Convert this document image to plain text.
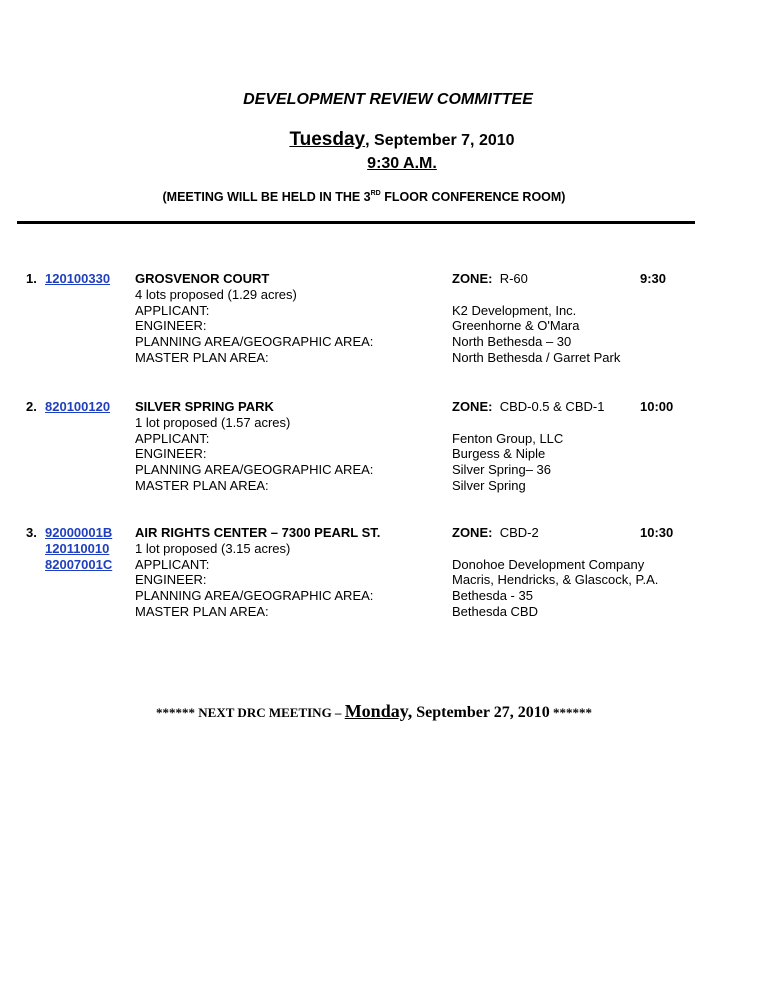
DEVELOPMENT REVIEW COMMITTEE
Tuesday, September 7, 2010
9:30 A.M.
(MEETING WILL BE HELD IN THE 3RD FLOOR CONFERENCE ROOM)
1. 120100330 GROSVENOR COURT
4 lots proposed (1.29 acres)
APPLICANT:
ENGINEER:
PLANNING AREA/GEOGRAPHIC AREA:
MASTER PLAN AREA:
ZONE: R-60

K2 Development, Inc.
Greenhorne & O'Mara
North Bethesda – 30
North Bethesda / Garret Park
9:30
2. 820100120 SILVER SPRING PARK
1 lot proposed (1.57 acres)
APPLICANT:
ENGINEER:
PLANNING AREA/GEOGRAPHIC AREA:
MASTER PLAN AREA:
ZONE: CBD-0.5 & CBD-1

Fenton Group, LLC
Burgess & Niple
Silver Spring– 36
Silver Spring
10:00
3. 92000001B
120110010
82007001C
AIR RIGHTS CENTER – 7300 PEARL ST.
1 lot proposed (3.15 acres)
APPLICANT:
ENGINEER:
PLANNING AREA/GEOGRAPHIC AREA:
MASTER PLAN AREA:
ZONE: CBD-2

Donohoe Development Company
Macris, Hendricks, & Glascock, P.A.
Bethesda - 35
Bethesda CBD
10:30
****** NEXT DRC MEETING – Monday, September 27, 2010 ******
